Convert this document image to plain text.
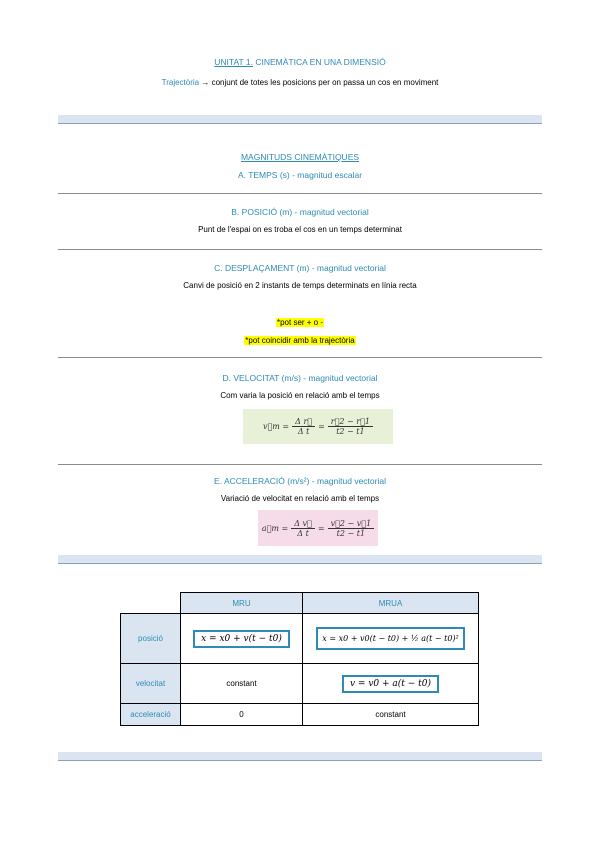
UNITAT 1. CINEMÀTICA EN UNA DIMENSIÓ
Trajectòria → conjunt de totes les posicions per on passa un cos en moviment
MAGNITUDS CINEMÀTIQUES
A. TEMPS (s) - magnitud escalar
B. POSICIÓ (m) - magnitud vectorial
Punt de l'espai on es troba el cos en un temps determinat
C. DESPLAÇAMENT (m) - magnitud vectorial
Canvi de posició en 2 instants de temps determinats en línia recta
*pot ser + o -
*pot coincidir amb la trajectòria
D. VELOCITAT (m/s) - magnitud vectorial
Com varia la posició en relació amb el temps
v⃗m = $\frac{\text{Δ r⃗}}{\text{Δ t}} = \frac{r⃗2 - r⃗1}{t2 - t1}$
E. ACCELERACIÓ (m/s²) - magnitud vectorial
Variació de velocitat en relació amb el temps
a⃗m = $\frac{\text{Δ v⃗}}{\text{Δ t}} = \frac{v⃗2 - v⃗1}{t2 - t1}$
	MRU	MRUA
posició	x = x0 + v(t − t0)	x = x0 + v0(t − t0) + ½ a(t − t0)²
velocitat	constant	v = v0 + a(t − t0)
acceleració	0	constant
